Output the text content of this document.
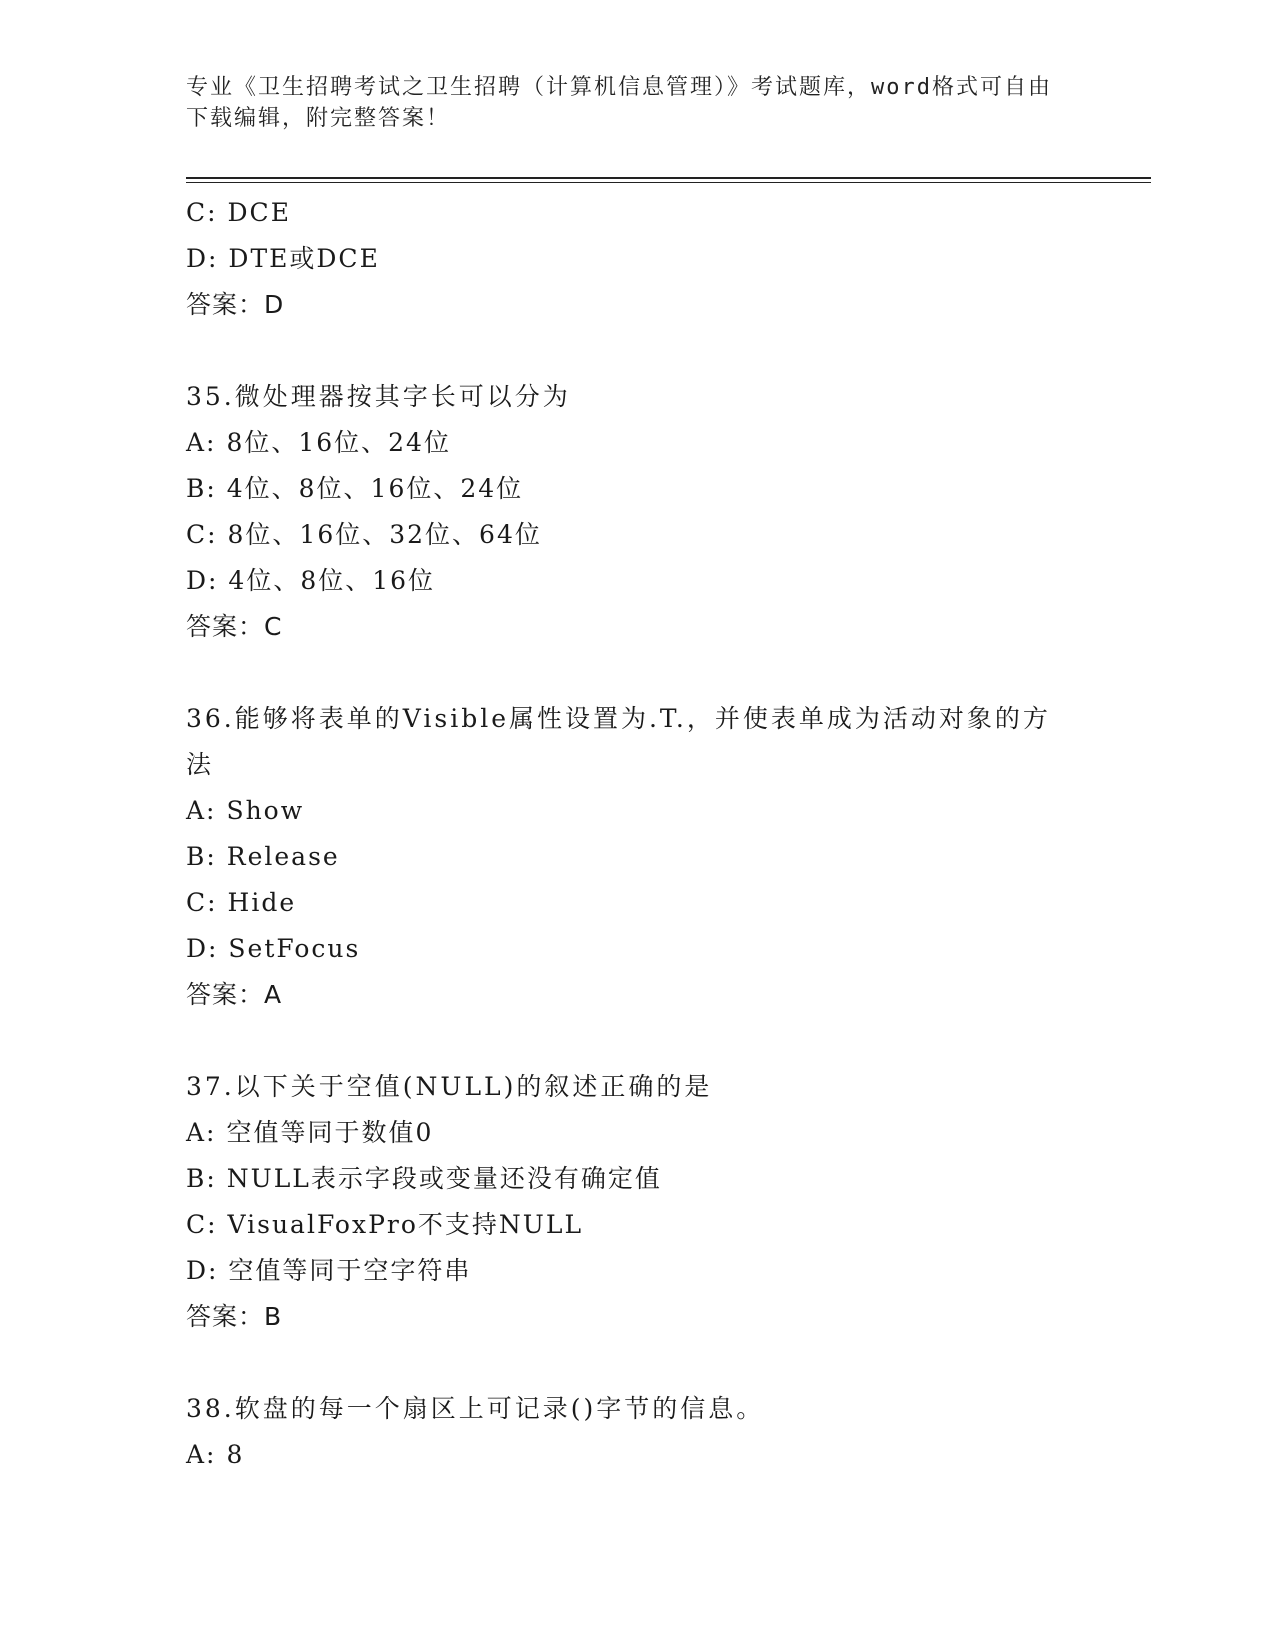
专业《卫生招聘考试之卫生招聘（计算机信息管理）》考试题库，word格式可自由下载编辑，附完整答案！
C: DCE
D: DTE或DCE
答案：D
35.微处理器按其字长可以分为
A: 8位、16位、24位
B: 4位、8位、16位、24位
C: 8位、16位、32位、64位
D: 4位、8位、16位
答案：C
36.能够将表单的Visible属性设置为.T.，并使表单成为活动对象的方法
A: Show
B: Release
C: Hide
D: SetFocus
答案：A
37.以下关于空值(NULL)的叙述正确的是
A: 空值等同于数值0
B: NULL表示字段或变量还没有确定值
C: VisualFoxPro不支持NULL
D: 空值等同于空字符串
答案：B
38.软盘的每一个扇区上可记录()字节的信息。
A: 8
